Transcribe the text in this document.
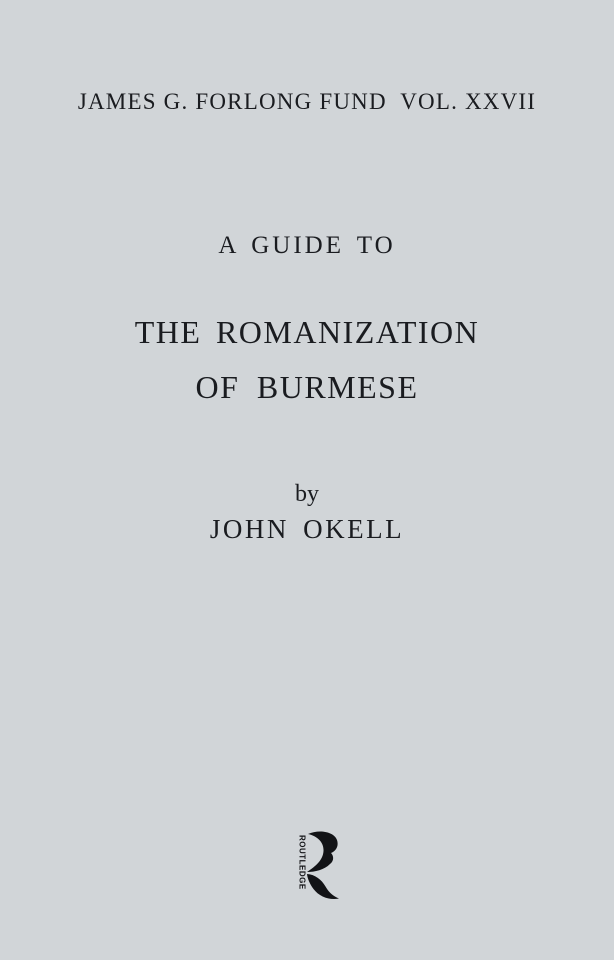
JAMES G. FORLONG FUND  VOL. XXVII
A GUIDE TO
THE ROMANIZATION
OF BURMESE
by
JOHN OKELL
ROUTLEDGE
